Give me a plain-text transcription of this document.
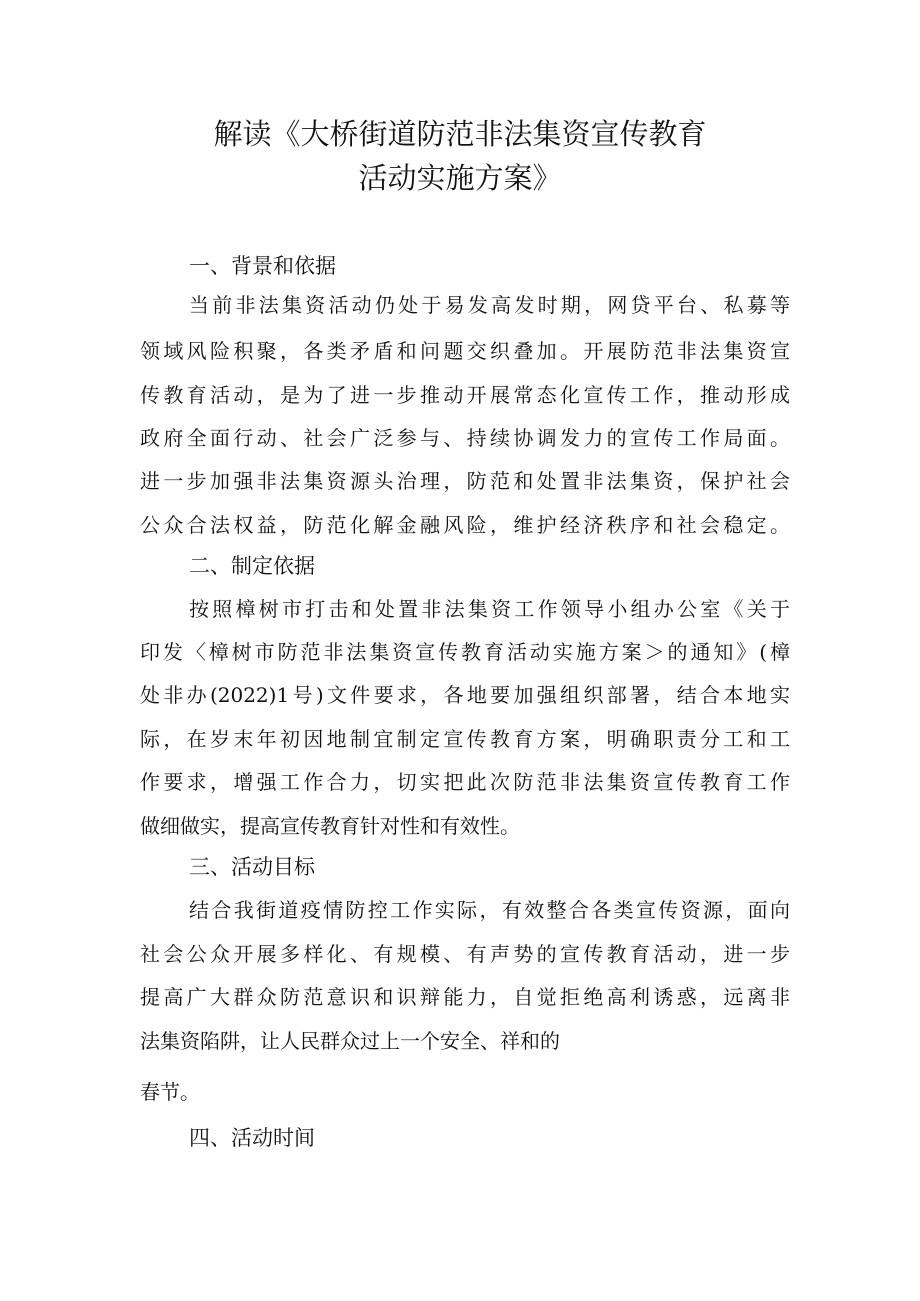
解读《大桥街道防范非法集资宣传教育
活动实施方案》
一、背景和依据
当前非法集资活动仍处于易发高发时期，网贷平台、私募等
领域风险积聚，各类矛盾和问题交织叠加。开展防范非法集资宣
传教育活动，是为了进一步推动开展常态化宣传工作，推动形成
政府全面行动、社会广泛参与、持续协调发力的宣传工作局面。
进一步加强非法集资源头治理，防范和处置非法集资，保护社会
公众合法权益，防范化解金融风险，维护经济秩序和社会稳定。
二、制定依据
按照樟树市打击和处置非法集资工作领导小组办公室《关于
印发〈樟树市防范非法集资宣传教育活动实施方案＞的通知》(樟
处非办(2022)1号)文件要求，各地要加强组织部署，结合本地实
际，在岁末年初因地制宜制定宣传教育方案，明确职责分工和工
作要求，增强工作合力，切实把此次防范非法集资宣传教育工作
做细做实，提高宣传教育针对性和有效性。
三、活动目标
结合我街道疫情防控工作实际，有效整合各类宣传资源，面向
社会公众开展多样化、有规模、有声势的宣传教育活动，进一步
提高广大群众防范意识和识辩能力，自觉拒绝高利诱惑，远离非
法集资陷阱，让人民群众过上一个安全、祥和的
春节。
四、活动时间
